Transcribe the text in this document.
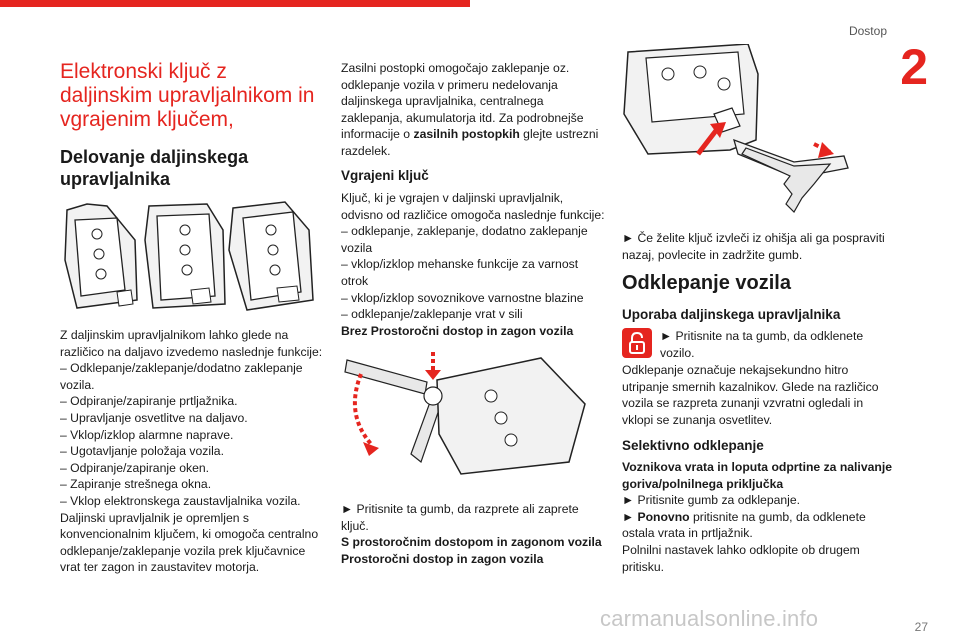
Dostop
2
Elektronski ključ z daljinskim upravljalnikom in vgrajenim ključem,
Delovanje daljinskega upravljalnika
Z daljinskim upravljalnikom lahko glede na različico na daljavo izvedemo naslednje funkcije:
– Odklepanje/zaklepanje/dodatno zaklepanje vozila.
– Odpiranje/zapiranje prtljažnika.
– Upravljanje osvetlitve na daljavo.
– Vklop/izklop alarmne naprave.
– Ugotavljanje položaja vozila.
– Odpiranje/zapiranje oken.
– Zapiranje strešnega okna.
– Vklop elektronskega zaustavljalnika vozila.
Daljinski upravljalnik je opremljen s konvencionalnim ključem, ki omogoča centralno odklepanje/zaklepanje vozila prek ključavnice vrat ter zagon in zaustavitev motorja.
Zasilni postopki omogočajo zaklepanje oz. odklepanje vozila v primeru nedelovanja daljinskega upravljalnika, centralnega zaklepanja, akumulatorja itd. Za podrobnejše informacije o zasilnih postopkih glejte ustrezni razdelek.
Vgrajeni ključ
Ključ, ki je vgrajen v daljinski upravljalnik, odvisno od različice omogoča naslednje funkcije:
– odklepanje, zaklepanje, dodatno zaklepanje vozila
– vklop/izklop mehanske funkcije za varnost otrok
– vklop/izklop sovoznikove varnostne blazine
– odklepanje/zaklepanje vrat v sili
Brez Prostoročni dostop in zagon vozila
► Pritisnite ta gumb, da razprete ali zaprete ključ.
S prostoročnim dostopom in zagonom vozila
Prostoročni dostop in zagon vozila
► Če želite ključ izvleči iz ohišja ali ga pospraviti nazaj, povlecite in zadržite gumb.
Odklepanje vozila
Uporaba daljinskega upravljalnika
► Pritisnite na ta gumb, da odklenete vozilo.
Odklepanje označuje nekajsekundno hitro utripanje smernih kazalnikov. Glede na različico vozila se razpreta zunanji vzvratni ogledali in vklopi se zunanja osvetlitev.
Selektivno odklepanje
Voznikova vrata in loputa odprtine za nalivanje goriva/polnilnega priključka
► Pritisnite gumb za odklepanje.
► Ponovno pritisnite na gumb, da odklenete ostala vrata in prtljažnik.
Polnilni nastavek lahko odklopite ob drugem pritisku.
carmanualsonline.info	27
